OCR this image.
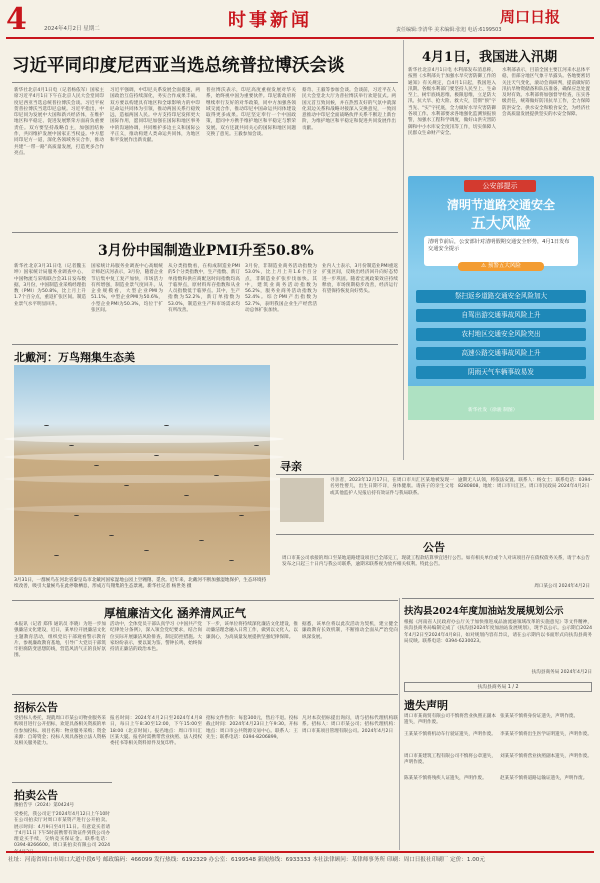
4	2024年4月2日 星期二	时事新闻	周口日报
责任编辑:李清华 美术编辑:张旭 电话:6199503
习近平同印度尼西亚当选总统普拉博沃会谈
新华社北京4月1日电（记者杨依军）国家主席习近平4月1日下午在北京人民大会堂同印度尼西亚当选总统普拉博沃会谈。习近平祝贺普拉博沃当选印尼总统。习近平指出，中印尼同为发展中大国和新兴经济体，在维护地区和平稳定、促进发展繁荣方面肩负重要责任。双方要坚持战略自主，加强团结协作，共同维护发展中国家正当权益。中方愿同印尼方一道，深化各领域务实合作，推动共建“一带一路”高质量发展，打造更多合作亮点。
习近平强调，中印尼关系发展全面提速，两国政治互信持续深化，务实合作成果丰硕。双方要以构建具有地区和全球影响力的中印尼命运共同体为引领，推动两国关系行稳致远，造福两国人民。中方支持印尼发挥更大国际作用，愿同印尼加强在国际和地区事务中的沟通协调，共同维护多边主义和国际公平正义，推动构建人类命运共同体，为地区和平发展作出新贡献。
普拉博沃表示，印尼高度重视发展对华关系，始终视中国为重要伙伴。印尼新政府将继续奉行友好的对华政策，同中方加强各领域交流合作，推动印尼中国命运共同体建设取得更多成果。印尼坚定奉行一个中国政策，愿同中方携手维护地区和平稳定与繁荣发展。双方还就共同关心的国际和地区问题交换了意见。王毅参加会谈。
蔡奇、王毅等参加会谈。会谈前，习近平在人民大会堂北大厅为普拉博沃举行欢迎仪式。两国元首互致问候，并在热烈友好的气氛中就深化双边关系和战略对接深入交换意见，一致同意推动中印尼全面战略伙伴关系不断迈上新台阶，为维护地区和平稳定和促进共同发展作出贡献。
4月1日，我国进入汛期
新华社北京4月1日电 水利部发布消息称，按照《水利部关于加强水旱灾害防御工作的通知》有关规定，自4月1日起，我国进入汛期。各级水利部门要坚持人民至上、生命至上，树牢底线思维、极限思维，立足防大汛、抗大旱、抢大险、救大灾，贯彻“预”字当先、“实”字托底，全力做好水旱灾害防御各项工作。水利部要求各地强化监测预报预警，加强水工程科学调度，做好山洪灾害防御和中小水库安全度汛等工作，切实保障人民群众生命财产安全。
水利部表示，目前全国主要江河来水总体平稳，但部分地区气象干旱露头。各地要密切关注天气变化，滚动会商研判，提前做好防汛抗旱物资储备和队伍准备，确保应急处置及时有效。水利部将加强督导检查，压实各级责任，统筹做好防汛抗旱工作，全力保障防洪安全、供水安全和粮食安全，为经济社会高质量发展提供坚实的水安全保障。
公安部提示
清明节道路交通安全
五大风险
清明节前后，公安部针对清明假期交通安全形势，4月1日发布交通安全提示
⚠ 预警五大风险
新华社发（徐骏 制图）
祭扫返乡道路交通安全风险加大
自驾出游交通事故风险上升
农村地区交通安全风险突出
高速公路交通事故风险上升
阴雨天气车辆事故易发
3月份中国制造业PMI升至50.8%
新华社北京3月31日电（记者魏玉坤）国家统计局服务业调查中心、中国物流与采购联合会31日发布数据，3月份，中国制造业采购经理指数（PMI）为50.8%，比上月上升1.7个百分点，重返扩张区间。制造业景气水平明显回升。
国家统计局服务业调查中心高级统计师赵庆河表示，3月份，随着企业节后集中复工复产加快，市场活力有所增强，制造业景气度回升。从企业规模看，大型企业PMI为51.1%，中型企业PMI为50.6%，小型企业PMI为50.3%，均位于扩张区间。
从分类指数看，在构成制造业PMI的5个分类指数中，生产指数、新订单指数和供应商配送时间指数均高于临界点，原材料库存指数和从业人员指数低于临界点。其中，生产指数为52.2%，新订单指数为53.0%，制造业生产和市场需求均有所改善。
3月份，非制造业商务活动指数为53.0%，比上月上升1.6个百分点，非制造业扩张步伐加快。其中，建筑业商务活动指数为56.2%，服务业商务活动指数为52.4%。综合PMI产出指数为52.7%，表明我国企业生产经营活动总体扩张加快。
业内人士表示，3月份制造业PMI重返扩张区间，反映出经济回升向好态势进一步巩固。随着宏观政策效应持续释放，市场预期稳步改善，经济运行有望保持恢复向好势头。
北戴河：万鸟翔集生态美
3月31日，一群候鸟在河北省秦皇岛市北戴河国家湿地公园上空翱翔、觅食。近年来，北戴河不断加强湿地保护，生态环境持续改善，吸引大量候鸟在此停歇栖息，形成万鸟翔集的生态景观。新华社记者 杨世尧 摄
寻亲
寻亲者，2023年12月17日，在周口市川汇区某地被发现一名男性婴儿，出生日期不详，身体健康。请孩子的亲生父母或其他监护人见报后持有效证件与我局联系。
逾期无人认领，将依法安置。联系人：杨女士；联系电话：0394-8280808，地址：周口市川汇区。周口市民政局 2024年4月2日
公告
周口市某公司承接的周口至某地道路建设项目已全部完工，现就工程款结算事宜进行公告。如有相关单位或个人对该项目存在债权债务关系，请于本公告发布之日起三十日内与我公司联系，逾期未联系视为放弃相关权利。特此公告。
周口某公司 2024年4月2日
厚植廉洁文化 涵养清风正气
本报讯（记者 郑伟 通讯员 李晓）为进一步加强廉洁文化建设，近日，某单位开展廉洁文化主题教育活动，组织党员干部观看警示教育片、参观廉政教育基地，引导广大党员干部筑牢拒腐防变思想防线，营造风清气正的良好氛围。
活动中，全体党员干部认真学习《中国共产党纪律处分条例》，深入领会党纪要求，结合岗位实际开展廉洁风险排查，制定防控措施。大家纷纷表示，要以案为鉴、警钟长鸣，始终保持清正廉洁的政治本色。
下一步，该单位将持续深化廉洁文化建设，推动廉洁理念融入日常工作，做到以文化人、以廉润心，为高质量发展提供坚强纪律保障。
据悉，该单位将以此次活动为契机，建立健全廉政教育长效机制，不断推动全面从严治党向纵深发展。
扶沟县2024年度加油站发展规划公示
根据《河南省人民政府办公厅关于加快推进成品油流通领域改革的实施意见》等文件精神，扶沟县商务局编制完成了《扶沟县2024年度加油站发展规划》，现予以公示。公示期自2024年4月2日至2024年4月8日，如对规划内容有异议，请在公示期内以书面形式向扶沟县商务局反映。联系电话：0394-6230023。
扶沟县商务局 2024年4月2日
扶沟县商务局 1 / 2
招标公告
受招标人委托，现就周口市某公司物业服务采购项目进行公开招标，欢迎具备相关资质的单位参加投标。项目名称：物业服务采购；资金来源：自筹资金；投标人须具备独立法人资格及相关服务能力。
报名时间：2024年4月2日至2024年4月8日，每日上午8:30至12:00，下午15:00至18:00（北京时间）。报名地点：周口市川汇区某大厦。报名时需携带营业执照、法人授权委托书等相关资料原件及复印件。
招标文件售价：每套300元，售后不退。投标截止时间：2024年4月23日上午9:30。开标地点：周口市公共资源交易中心。联系人：王先生；联系电话：0394-8206899。
凡对本次招标提出询问，请与招标代理机构联系。招标人：周口市某公司；招标代理机构：周口市某项目管理有限公司。2024年4月2日
拍卖公告
豫拍告字（2024）第0424号
受委托，我公司定于2024年4月12日上午10时在公司拍卖厅对周口市某资产进行公开拍卖。展示时间：4月9日至4月11日。有意竞买者请于4月11日下午5时前携带有效证件到我公司办理竞买手续，交纳竞买保证金。联系电话：0394-8266600。周口某拍卖有限公司 2024
遗失声明
周口市某商贸有限公司不慎将营业执照正副本遗失，声明作废。
张某某不慎将身份证遗失，声明作废。
王某某不慎将机动车行驶证遗失，声明作废。 李某某不慎将出生医学证明遗失，声明作废。
周口市某建筑工程有限公司不慎将公章遗失，声明作废。
刘某某不慎将营业执照副本遗失，声明作废。
陈某某不慎将残疾人证遗失，声明作废。	赵某某不慎将道路运输证遗失，声明作废。
社址：河南省周口市周口大道中段6号 邮政编码：466099 发行热线：6192329 办公室：6199548 新闻热线：6933333 本社法律顾问：某律师事务所 印刷：周口日报社印刷厂 定价：1.00元
